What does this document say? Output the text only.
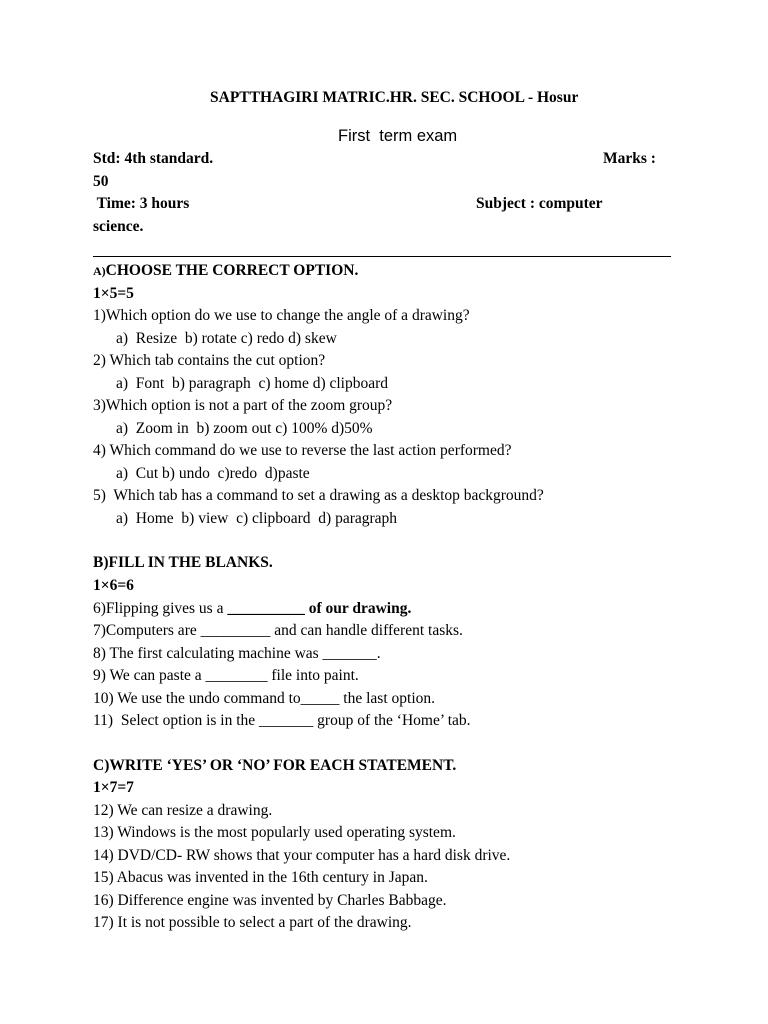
SAPTTHAGIRI MATRIC.HR. SEC. SCHOOL - Hosur
First  term exam
Std: 4th standard.	Marks :
50
Time: 3 hours	Subject : computer
science.
A)CHOOSE THE CORRECT OPTION.
1×5=5
1)Which option do we use to change the angle of a drawing?
a)  Resize  b) rotate c) redo d) skew
2) Which tab contains the cut option?
a)  Font  b) paragraph  c) home d) clipboard
3)Which option is not a part of the zoom group?
a)  Zoom in  b) zoom out c) 100% d)50%
4) Which command do we use to reverse the last action performed?
a)  Cut b) undo  c)redo  d)paste
5)  Which tab has a command to set a drawing as a desktop background?
a)  Home  b) view  c) clipboard  d) paragraph
B)FILL IN THE BLANKS.
1×6=6
6)Flipping gives us a __________ of our drawing.
7)Computers are _________ and can handle different tasks.
8) The first calculating machine was _______.
9) We can paste a ________ file into paint.
10) We use the undo command to_____ the last option.
11)  Select option is in the _______ group of the ‘Home’ tab.
C)WRITE ‘YES’ OR ‘NO’ FOR EACH STATEMENT.
1×7=7
12) We can resize a drawing.
13) Windows is the most popularly used operating system.
14) DVD/CD- RW shows that your computer has a hard disk drive.
15) Abacus was invented in the 16th century in Japan.
16) Difference engine was invented by Charles Babbage.
17) It is not possible to select a part of the drawing.
